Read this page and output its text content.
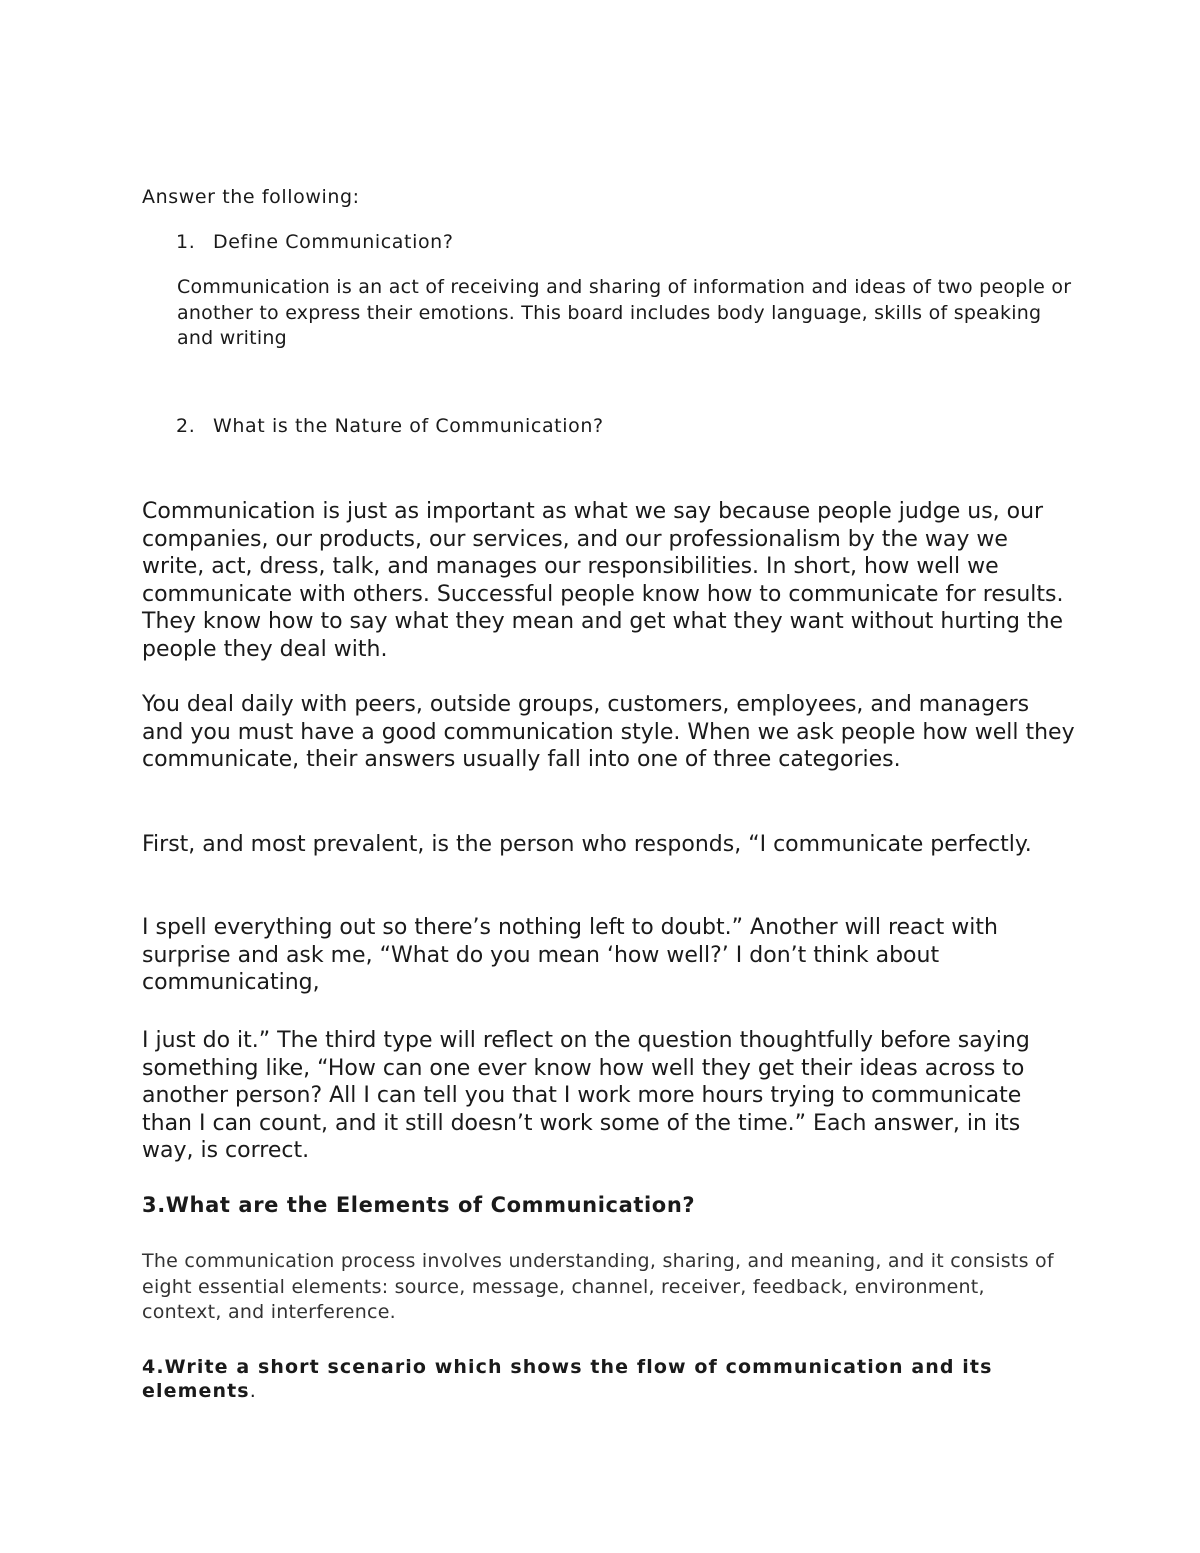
Answer the following:

1. Define Communication?

Communication is an act of receiving and sharing of information and ideas of two people or another to express their emotions. This board includes body language, skills of speaking and writing

2. What is the Nature of Communication?

Communication is just as important as what we say because people judge us, our companies, our products, our services, and our professionalism by the way we write, act, dress, talk, and manages our responsibilities. In short, how well we communicate with others. Successful people know how to communicate for results. They know how to say what they mean and get what they want without hurting the people they deal with.

You deal daily with peers, outside groups, customers, employees, and managers and you must have a good communication style. When we ask people how well they communicate, their answers usually fall into one of three categories.

First, and most prevalent, is the person who responds, “I communicate perfectly.

I spell everything out so there’s nothing left to doubt.” Another will react with surprise and ask me, “What do you mean ‘how well?’ I don’t think about communicating,

I just do it.” The third type will reflect on the question thoughtfully before saying something like, “How can one ever know how well they get their ideas across to another person? All I can tell you that I work more hours trying to communicate than I can count, and it still doesn’t work some of the time.” Each answer, in its way, is correct.

3.What are the Elements of Communication?

The communication process involves understanding, sharing, and meaning, and it consists of eight essential elements: source, message, channel, receiver, feedback, environment, context, and interference.

4.Write a short scenario which shows the flow of communication and its elements.
